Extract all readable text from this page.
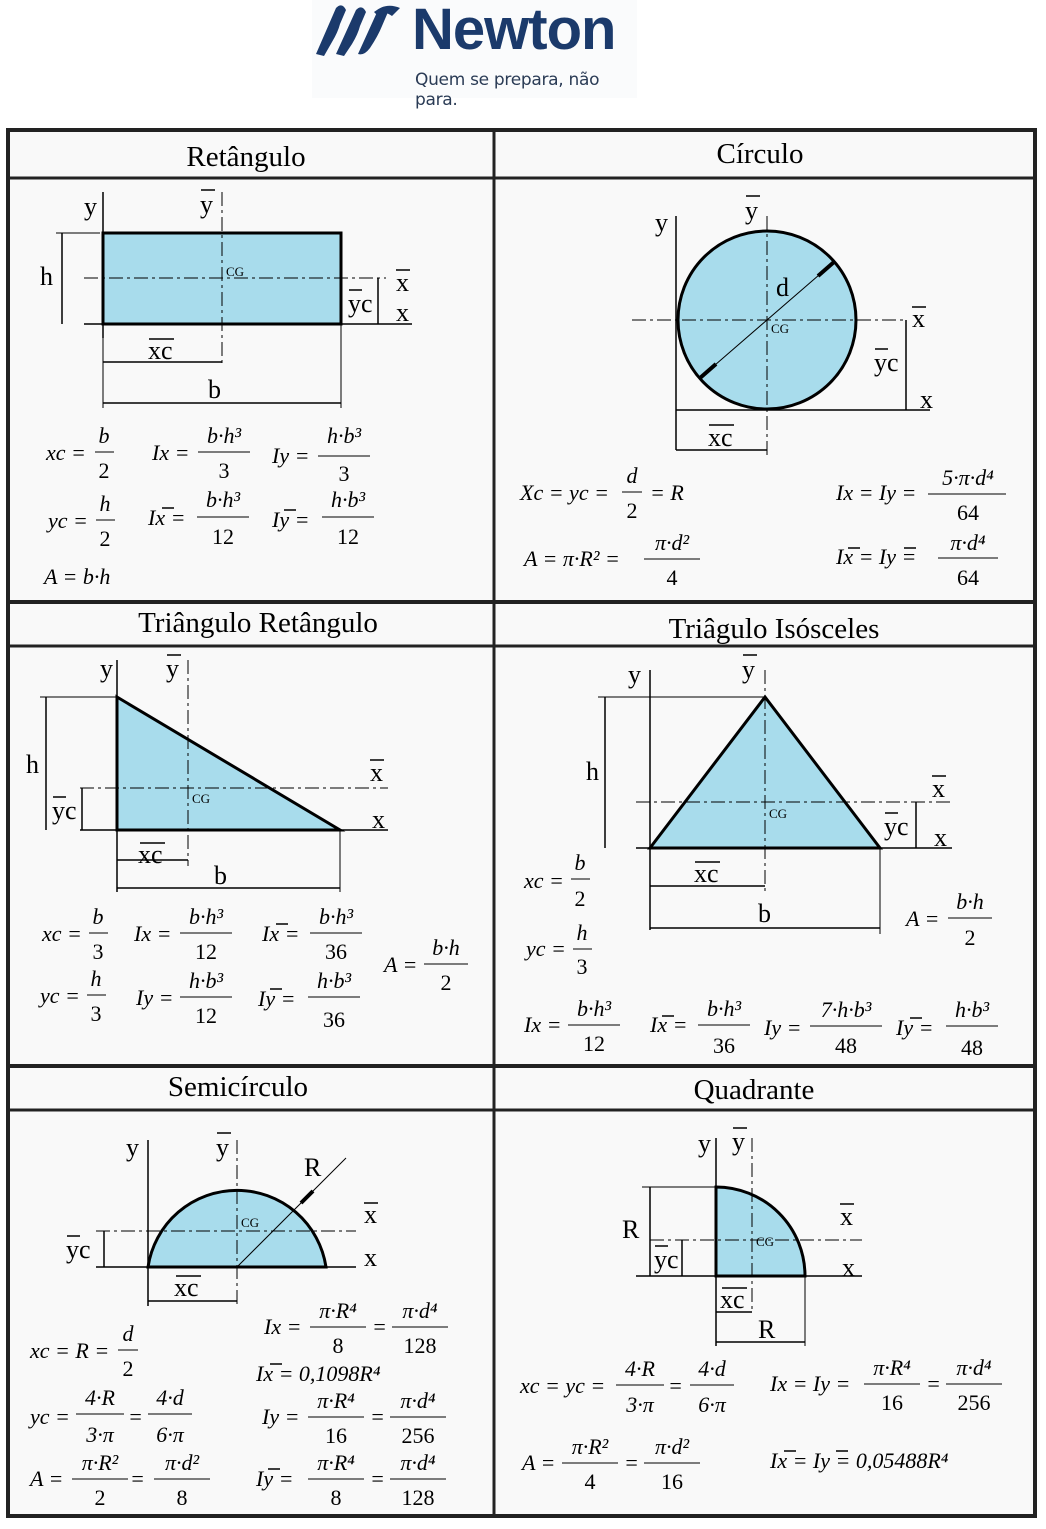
Newton
Quem se prepara, não para.
Retângulo	Círculo
Triângulo Retângulo	Triâgulo Isósceles
Semicírculo	Quadrante
y	y
h	CG	x
x
yc
xc
b
xc =
b
2
Ix =
b·h³
3
Iy =
h·b³
3
yc =
h
2
Ix =
b·h³
12
Iy =
h·b³
12
A = b·h
y	y
d
CG	x
yc
x
xc
Xc = yc =
d
2
= R	Ix = Iy =
5·π·d⁴
64
A = π·R² =
π·d²
4
Ix = Iy =
π·d⁴
64
y y
h
CG
x
x
yc
xc
b
xc =
b
3
Ix =
b·h³
12
Ix =
b·h³
36
A =
b·h
2
yc =
h
3
Iy =
h·b³
12
Iy =
h·b³
36
y	y
h
CG
x
x
yc
xc
b
xc =
b
2
yc =
h
3
A =
b·h
2
Ix =
b·h³
12
Ix =
b·h³
36
Iy =
7·h·b³
48
Iy =
h·b³
48
y	y
R
CG	x
x
yc
xc
Ix =
π·R⁴
8
=
π·d⁴
128
xc = R =
d
2	Ix = 0,1098R⁴
yc =
4·R
3·π
=
4·d
6·π
Iy =
π·R⁴
16
=
π·d⁴
256
A =
π·R²
2
=
π·d²
8
Iy =
π·R⁴
8
=
π·d⁴
128
y y
R	CG
x
x
yc
xc
R
xc = yc =
4·R
3·π
=
4·d
6·π
Ix = Iy =
π·R⁴
16
=
π·d⁴
256
A =
π·R²
4
=
π·d²
16
Ix = Iy = 0,05488R⁴
